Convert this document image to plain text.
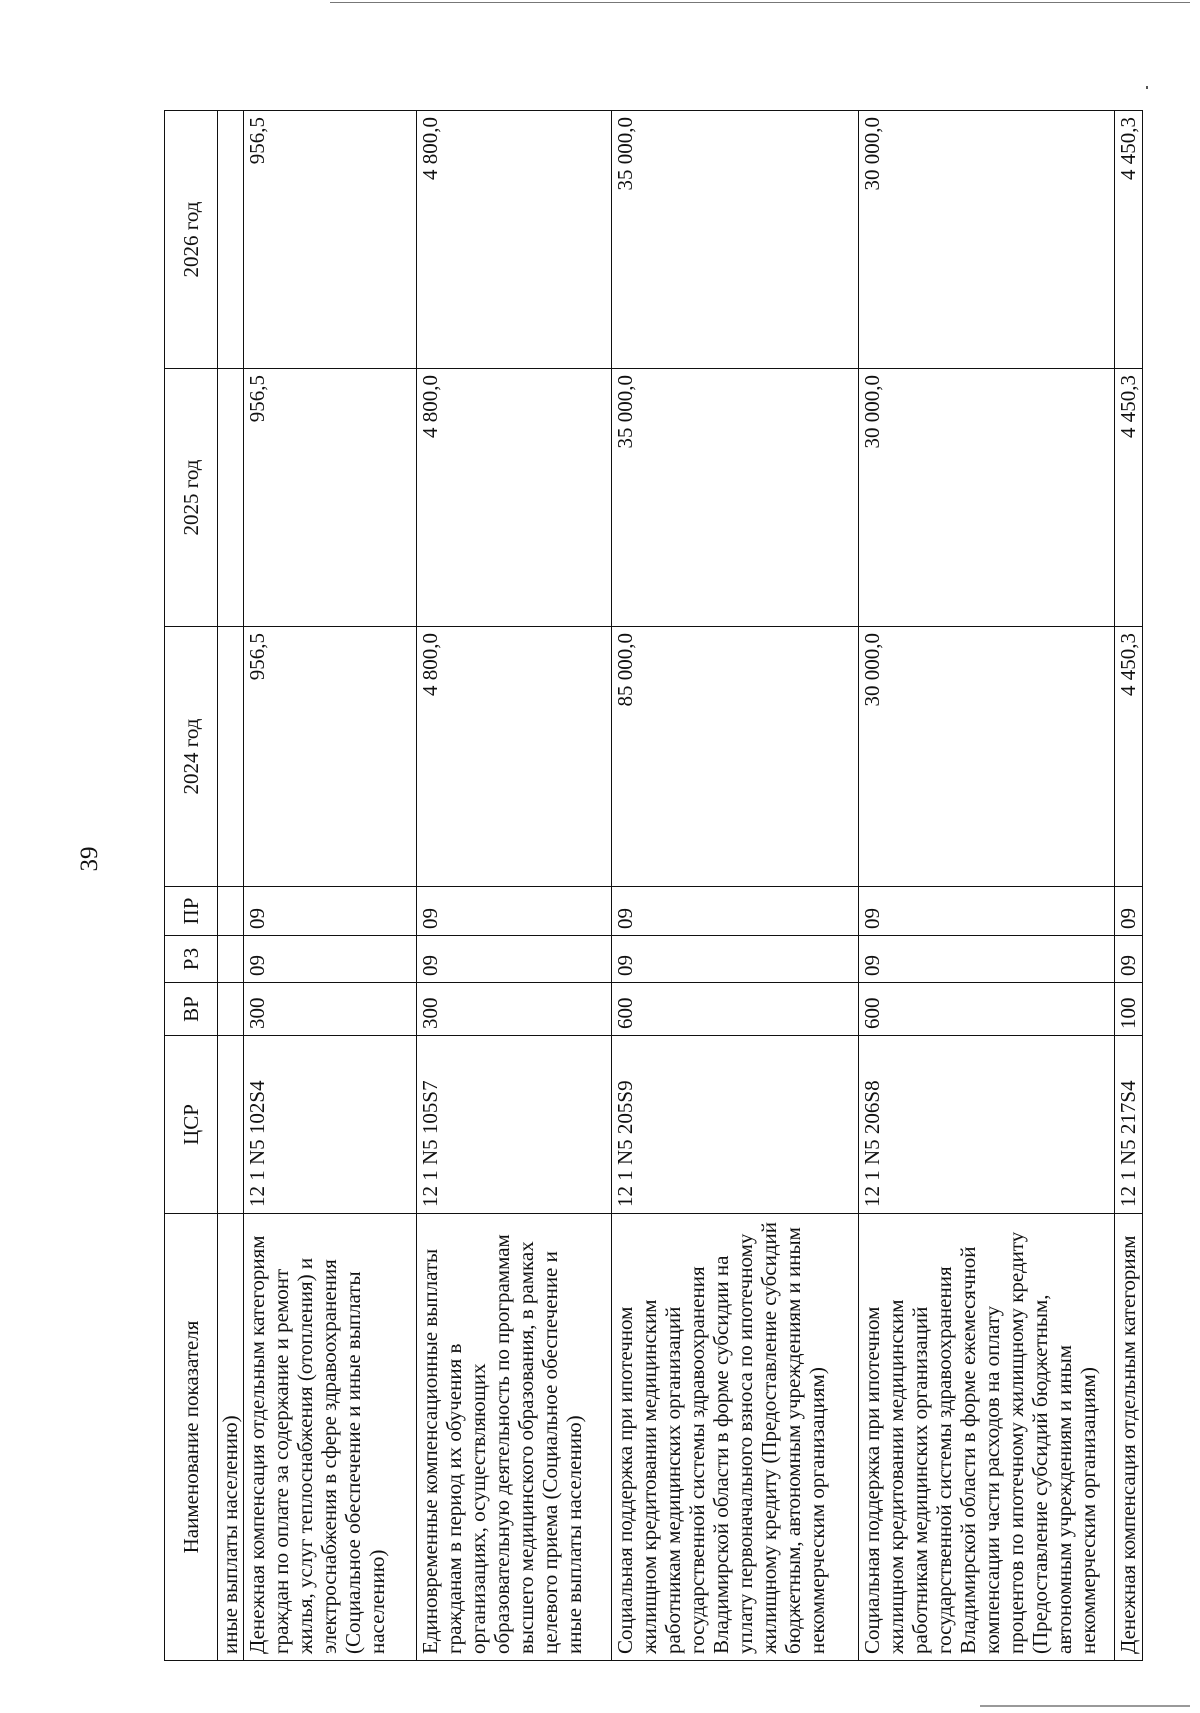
39
Наименование показателя	ЦСР	ВР	РЗ	ПР	2024 год	2025 год	2026 год
иные выплаты населению)							
Денежная компенсация отдельным категориям граждан по оплате за содержание и ремонт жилья, услуг теплоснабжения (отопления) и электроснабжения в сфере здравоохранения (Социальное обеспечение и иные выплаты населению)	12 1 N5 102S4	300	09	09	956,5	956,5	956,5
Единовременные компенсационные выплаты гражданам в период их обучения в организациях, осуществляющих образовательную деятельность по программам высшего медицинского образования, в рамках целевого приема (Социальное обеспечение и иные выплаты населению)	12 1 N5 105S7	300	09	09	4 800,0	4 800,0	4 800,0
Социальная поддержка при ипотечном жилищном кредитовании медицинским работникам медицинских организаций государственной системы здравоохранения Владимирской области в форме субсидии на уплату первоначального взноса по ипотечному жилищному кредиту (Предоставление субсидий бюджетным, автономным учреждениям и иным некоммерческим организациям)	12 1 N5 205S9	600	09	09	85 000,0	35 000,0	35 000,0
Социальная поддержка при ипотечном жилищном кредитовании медицинским работникам медицинских организаций государственной системы здравоохранения Владимирской области в форме ежемесячной компенсации части расходов на оплату процентов по ипотечному жилищному кредиту (Предоставление субсидий бюджетным, автономным учреждениям и иным некоммерческим организациям)	12 1 N5 206S8	600	09	09	30 000,0	30 000,0	30 000,0
Денежная компенсация отдельным категориям	12 1 N5 217S4	100	09	09	4 450,3	4 450,3	4 450,3
